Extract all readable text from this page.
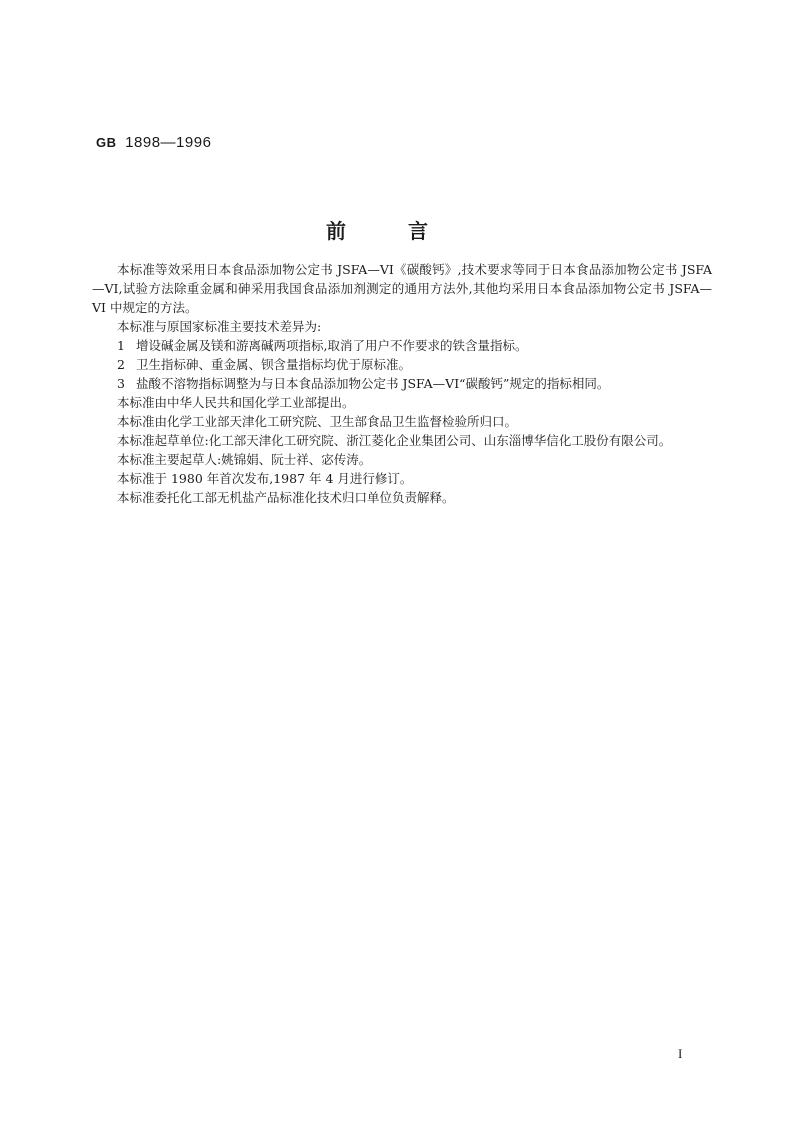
GB 1898—1996
前言

本标准等效采用日本食品添加物公定书 JSFA—VI《碳酸钙》,技术要求等同于日本食品添加物公定书 JSFA—VI,试验方法除重金属和砷采用我国食品添加剂测定的通用方法外,其他均采用日本食品添加物公定书 JSFA—VI 中规定的方法。

本标准与原国家标准主要技术差异为:

1 增设碱金属及镁和游离碱两项指标,取消了用户不作要求的铁含量指标。

2 卫生指标砷、重金属、钡含量指标均优于原标准。

3 盐酸不溶物指标调整为与日本食品添加物公定书 JSFA—VI“碳酸钙”规定的指标相同。

本标准由中华人民共和国化学工业部提出。

本标准由化学工业部天津化工研究院、卫生部食品卫生监督检验所归口。

本标准起草单位:化工部天津化工研究院、浙江菱化企业集团公司、山东淄博华信化工股份有限公司。

本标准主要起草人:姚锦娟、阮士祥、宓传涛。

本标准于 1980 年首次发布,1987 年 4 月进行修订。

本标准委托化工部无机盐产品标准化技术归口单位负责解释。

I
